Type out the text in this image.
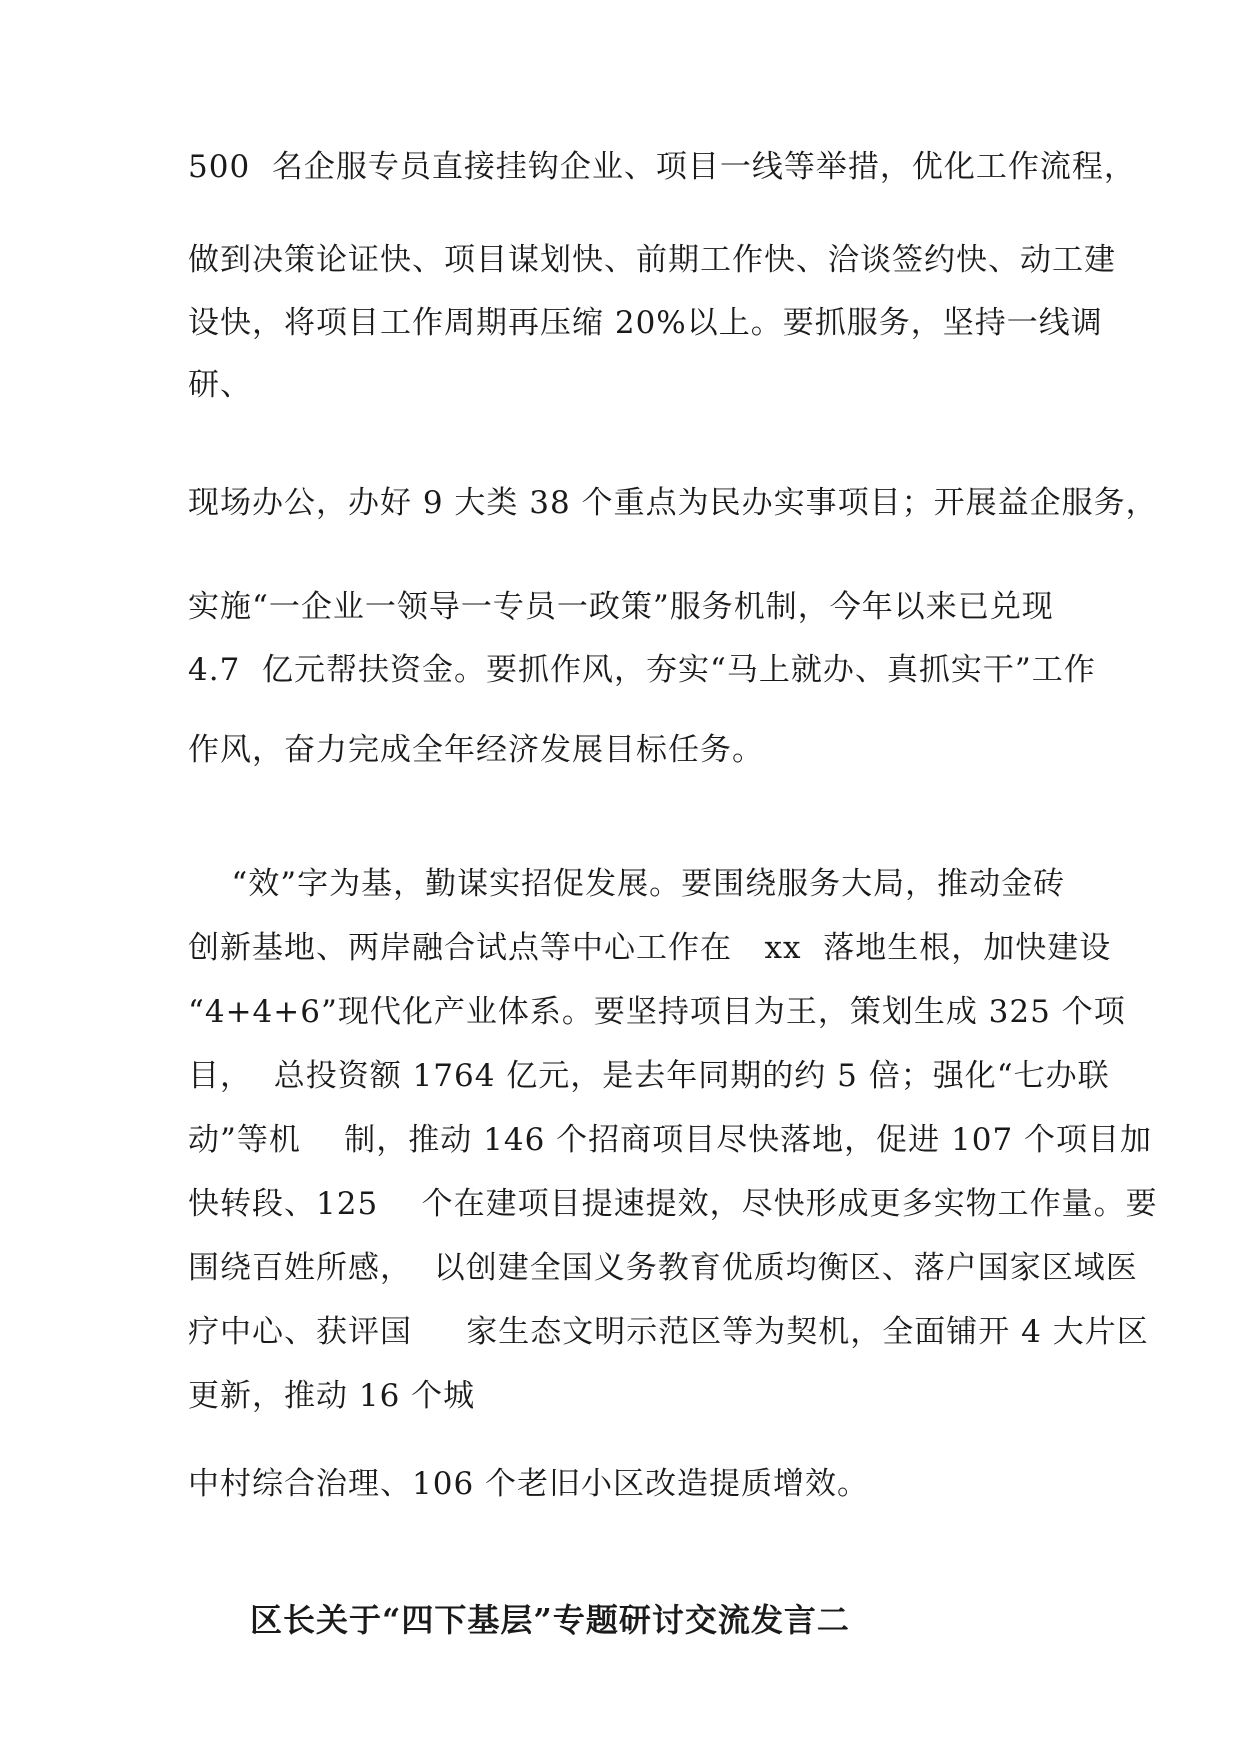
500  名企服专员直接挂钩企业、项目一线等举措，优化工作流程，
做到决策论证快、项目谋划快、前期工作快、洽谈签约快、动工建
设快，将项目工作周期再压缩 20%以上。要抓服务，坚持一线调
研、
现场办公，办好 9 大类 38 个重点为民办实事项目；开展益企服务，
实施“一企业一领导一专员一政策”服务机制，今年以来已兑现
4.7  亿元帮扶资金。要抓作风，夯实“马上就办、真抓实干”工作
作风，奋力完成全年经济发展目标任务。
“效”字为基，勤谋实招促发展。要围绕服务大局，推动金砖
创新基地、两岸融合试点等中心工作在   xx  落地生根，加快建设
“4+4+6”现代化产业体系。要坚持项目为王，策划生成 325 个项
目，  总投资额 1764 亿元，是去年同期的约 5 倍；强化“七办联
动”等机    制，推动 146 个招商项目尽快落地，促进 107 个项目加
快转段、125    个在建项目提速提效，尽快形成更多实物工作量。要
围绕百姓所感，  以创建全国义务教育优质均衡区、落户国家区域医
疗中心、获评国     家生态文明示范区等为契机，全面铺开 4 大片区
更新，推动 16 个城
中村综合治理、106 个老旧小区改造提质增效。
区长关于“四下基层”专题研讨交流发言二
